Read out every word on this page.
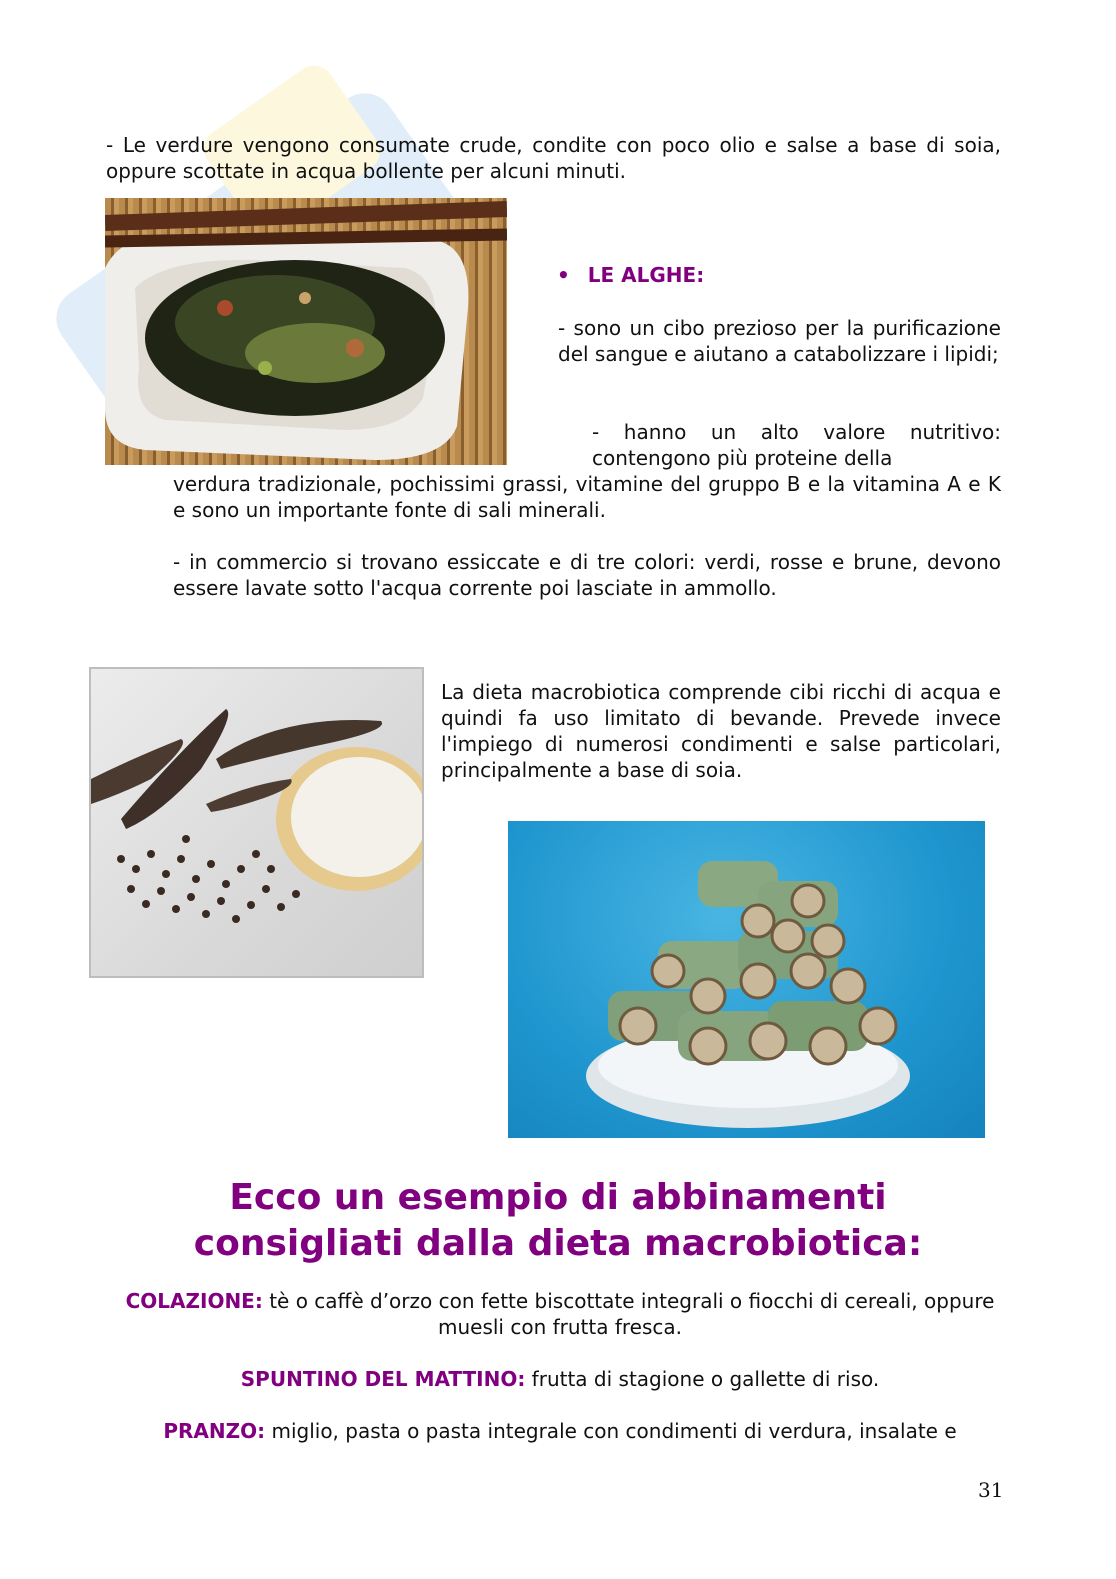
- Le verdure vengono consumate crude, condite con poco olio e salse a base di soia, oppure scottate in acqua bollente per alcuni minuti.

• LE ALGHE:

- sono un cibo prezioso per la purificazione del sangue e aiutano a catabolizzare i lipidi;

- hanno un alto valore nutritivo: contengono più proteine della

verdura tradizionale, pochissimi grassi, vitamine del gruppo B e la vitamina A e K e sono un importante fonte di sali minerali.

- in commercio si trovano essiccate e di tre colori: verdi, rosse e brune, devono essere lavate sotto l'acqua corrente poi lasciate in ammollo.

La dieta macrobiotica comprende cibi ricchi di acqua e quindi fa uso limitato di bevande. Prevede invece l'impiego di numerosi condimenti e salse particolari, principalmente a base di soia.

Ecco un esempio di abbinamenti
consigliati dalla dieta macrobiotica:

COLAZIONE: tè o caffè d’orzo con fette biscottate integrali o fiocchi di cereali, oppure muesli con frutta fresca.

SPUNTINO DEL MATTINO: frutta di stagione o gallette di riso.

PRANZO: miglio, pasta o pasta integrale con condimenti di verdura, insalate e

31
